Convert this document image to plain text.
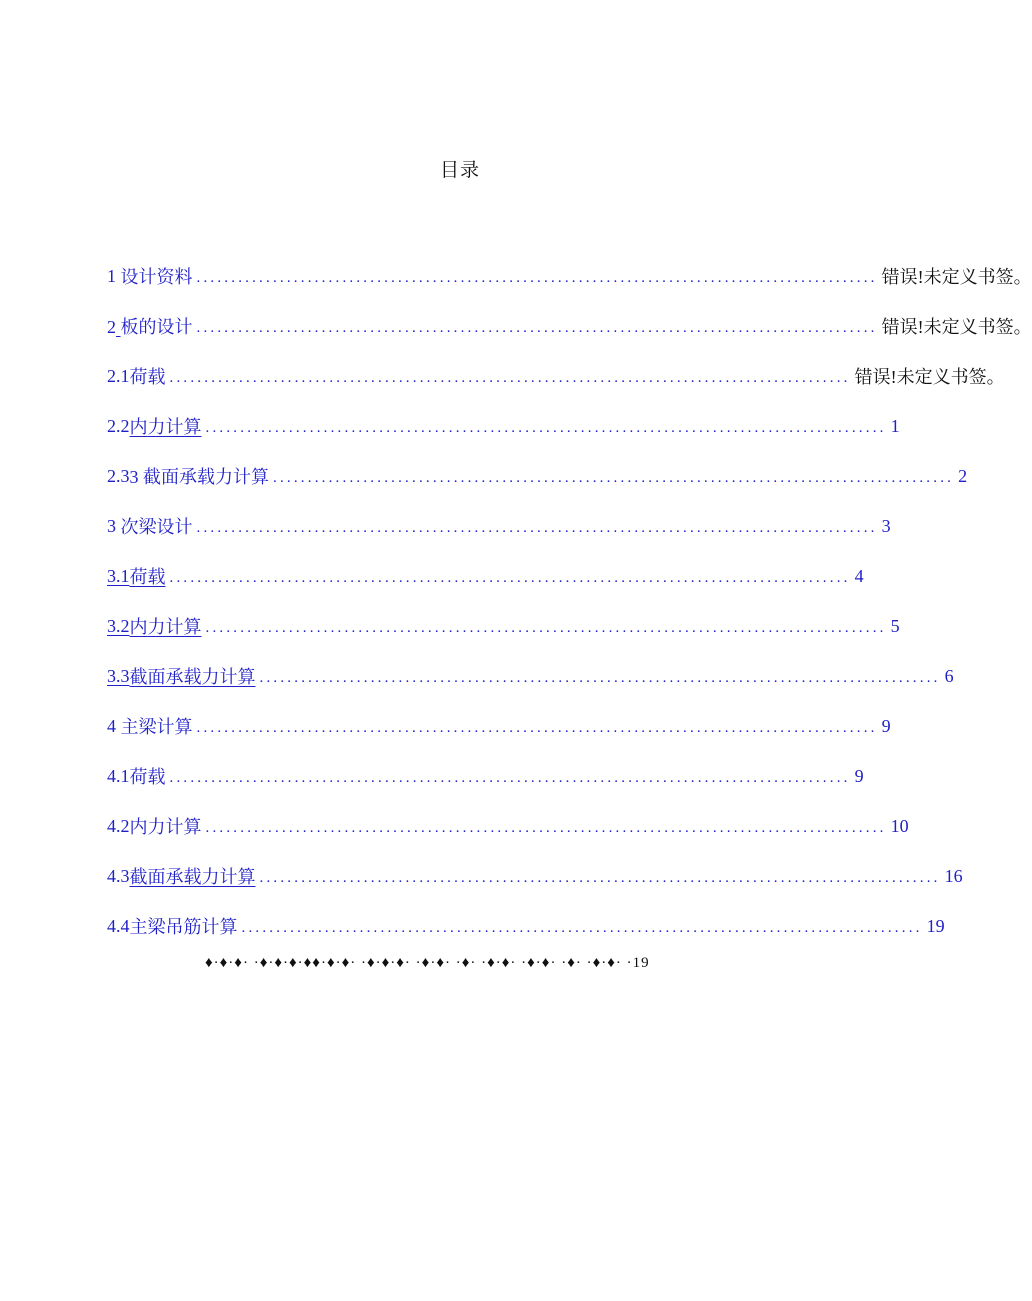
目录
1
设计资料 .................................................................................................. 错误!未定义书签。
2 板的设计 .................................................................................................. 错误!未定义书签。
2.1 荷载 .................................................................................................. 错误!未定义书签。
2.2 内力计算 .................................................................................................. 1
2.3 3 截面承载力计算 .................................................................................................. 2
3
次梁设计 .................................................................................................. 3
3.1 荷载 .................................................................................................. 4
3.2 内力计算 .................................................................................................. 5
3.3 截面承载力计算 .................................................................................................. 6
4
主梁计算 .................................................................................................. 9
4.1 荷载 .................................................................................................. 9
4.2 内力计算 .................................................................................................. 10
4.3 截面承载力计算 .................................................................................................. 16
4.4 主梁吊筋计算 .................................................................................................. 19
♦·♦·♦· ·♦·♦·♦·♦♦·♦·♦· ·♦·♦·♦· ·♦·♦· ·♦· ·♦·♦· ·♦·♦· ·♦· ·♦·♦· ·19
